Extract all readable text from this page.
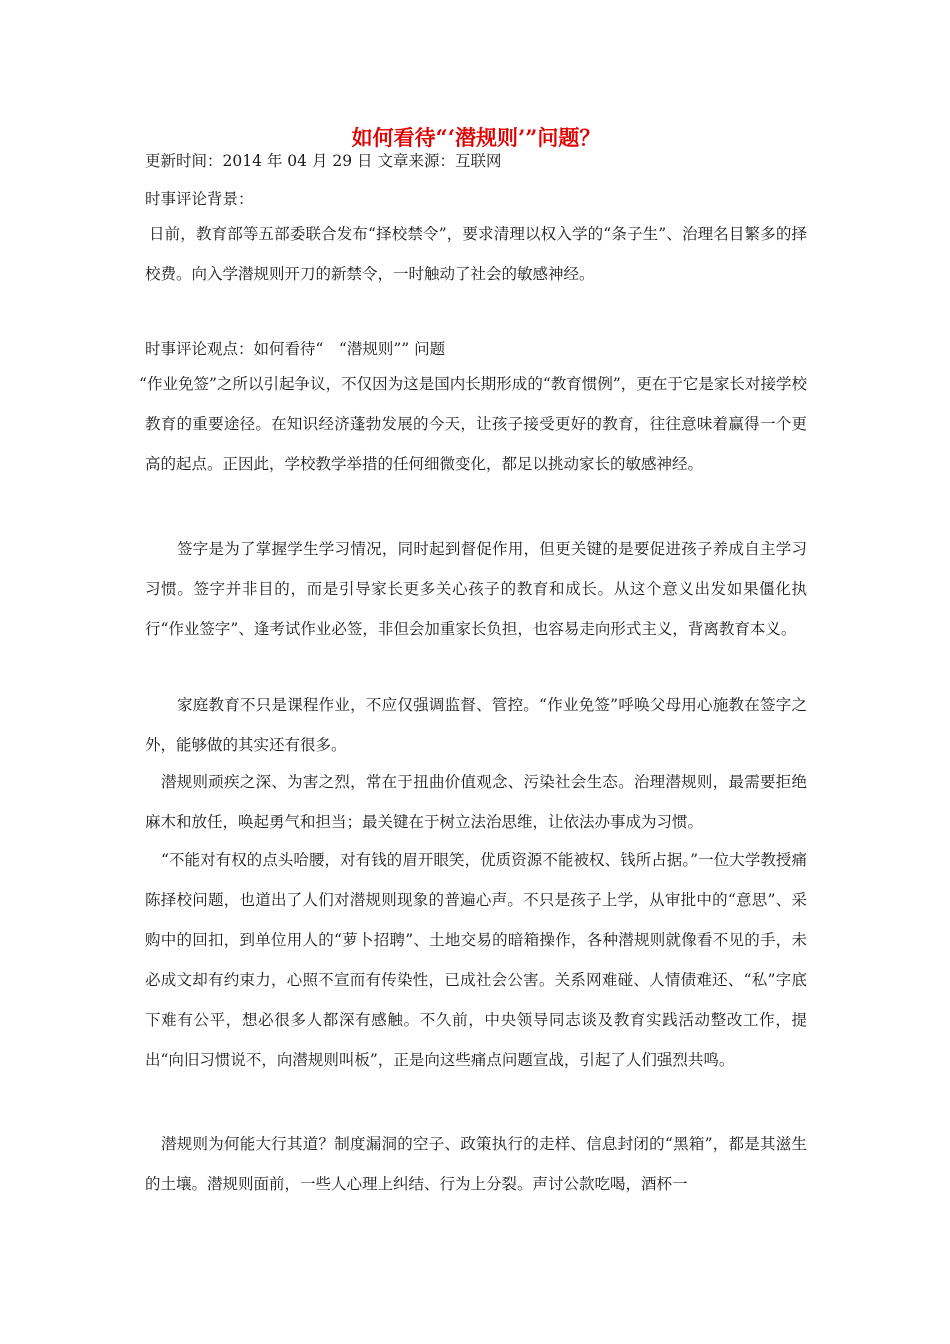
如何看待“‘潜规则’”问题？
更新时间：2014 年 04 月 29 日 文章来源：互联网
时事评论背景：
日前，教育部等五部委联合发布“择校禁令”，要求清理以权入学的“条子生”、治理名目繁多的择校费。向入学潜规则开刀的新禁令，一时触动了社会的敏感神经。
时事评论观点：如何看待“　“潜规则”” 问题
“作业免签”之所以引起争议，不仅因为这是国内长期形成的“教育惯例”，更在于它是家长对接学校教育的重要途径。在知识经济蓬勃发展的今天，让孩子接受更好的教育，往往意味着赢得一个更高的起点。正因此，学校教学举措的任何细微变化，都足以挑动家长的敏感神经。
签字是为了掌握学生学习情况，同时起到督促作用，但更关键的是要促进孩子养成自主学习习惯。签字并非目的，而是引导家长更多关心孩子的教育和成长。从这个意义出发如果僵化执行“作业签字”、逢考试作业必签，非但会加重家长负担，也容易走向形式主义，背离教育本义。
家庭教育不只是课程作业，不应仅强调监督、管控。“作业免签”呼唤父母用心施教在签字之外，能够做的其实还有很多。
潜规则顽疾之深、为害之烈，常在于扭曲价值观念、污染社会生态。治理潜规则，最需要拒绝麻木和放任，唤起勇气和担当；最关键在于树立法治思维，让依法办事成为习惯。
“不能对有权的点头哈腰，对有钱的眉开眼笑，优质资源不能被权、钱所占据。”一位大学教授痛陈择校问题，也道出了人们对潜规则现象的普遍心声。不只是孩子上学，从审批中的“意思”、采购中的回扣，到单位用人的“萝卜招聘”、土地交易的暗箱操作，各种潜规则就像看不见的手，未必成文却有约束力，心照不宣而有传染性，已成社会公害。关系网难碰、人情债难还、“私”字底下难有公平，想必很多人都深有感触。不久前，中央领导同志谈及教育实践活动整改工作，提出“向旧习惯说不，向潜规则叫板”，正是向这些痛点问题宣战，引起了人们强烈共鸣。
潜规则为何能大行其道？制度漏洞的空子、政策执行的走样、信息封闭的“黑箱”，都是其滋生的土壤。潜规则面前，一些人心理上纠结、行为上分裂。声讨公款吃喝，酒杯一
